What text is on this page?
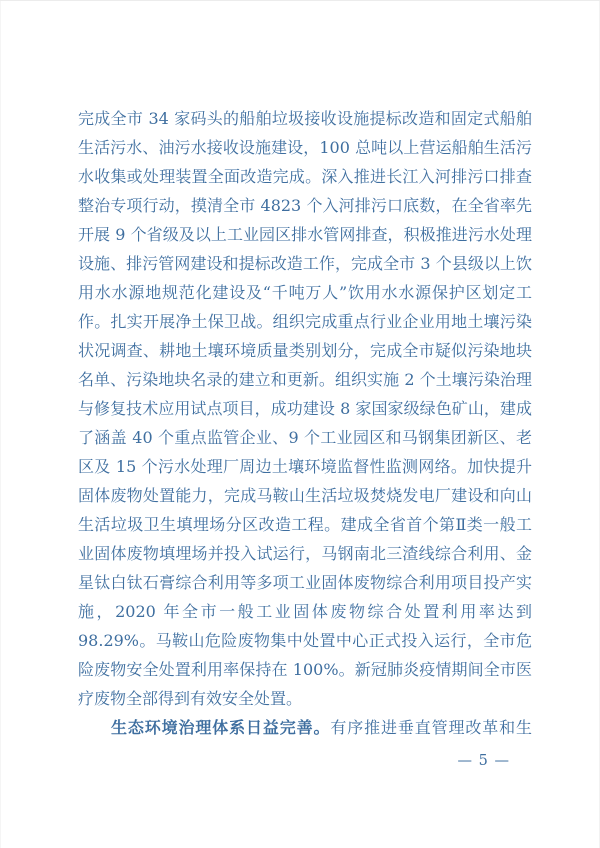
完成全市 34 家码头的船舶垃圾接收设施提标改造和固定式船舶
生活污水、油污水接收设施建设，100 总吨以上营运船舶生活污
水收集或处理装置全面改造完成。深入推进长江入河排污口排查
整治专项行动，摸清全市 4823 个入河排污口底数，在全省率先
开展 9 个省级及以上工业园区排水管网排查，积极推进污水处理
设施、排污管网建设和提标改造工作，完成全市 3 个县级以上饮
用水水源地规范化建设及“千吨万人”饮用水水源保护区划定工
作。扎实开展净土保卫战。组织完成重点行业企业用地土壤污染
状况调查、耕地土壤环境质量类别划分，完成全市疑似污染地块
名单、污染地块名录的建立和更新。组织实施 2 个土壤污染治理
与修复技术应用试点项目，成功建设 8 家国家级绿色矿山，建成
了涵盖 40 个重点监管企业、9 个工业园区和马钢集团新区、老
区及 15 个污水处理厂周边土壤环境监督性监测网络。加快提升
固体废物处置能力，完成马鞍山生活垃圾焚烧发电厂建设和向山
生活垃圾卫生填埋场分区改造工程。建成全省首个第Ⅱ类一般工
业固体废物填埋场并投入试运行，马钢南北三渣线综合利用、金
星钛白钛石膏综合利用等多项工业固体废物综合利用项目投产实
施，2020 年全市一般工业固体废物综合处置利用率达到
98.29%。马鞍山危险废物集中处置中心正式投入运行，全市危
险废物安全处置利用率保持在 100%。新冠肺炎疫情期间全市医
疗废物全部得到有效安全处置。
生态环境治理体系日益完善。有序推进垂直管理改革和生
— 5 —
